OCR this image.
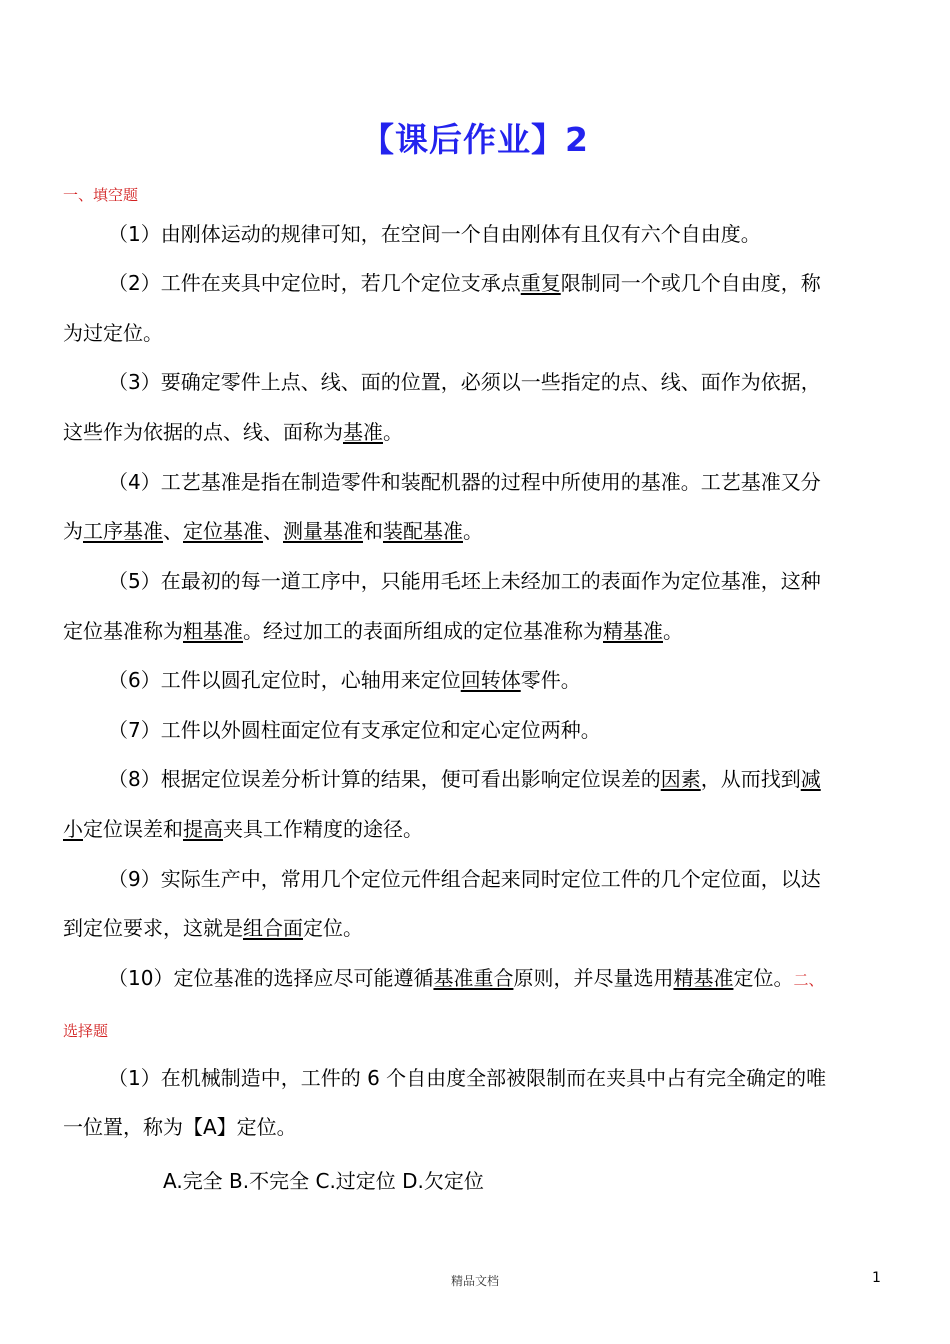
【课后作业】2
一、填空题
（1）由刚体运动的规律可知，在空间一个自由刚体有且仅有六个自由度。
（2）工件在夹具中定位时，若几个定位支承点重复限制同一个或几个自由度，称
为过定位。
（3）要确定零件上点、线、面的位置，必须以一些指定的点、线、面作为依据，
这些作为依据的点、线、面称为基准。
（4）工艺基准是指在制造零件和装配机器的过程中所使用的基准。工艺基准又分
为工序基准、定位基准、测量基准和装配基准。
（5）在最初的每一道工序中，只能用毛坯上未经加工的表面作为定位基准，这种
定位基准称为粗基准。经过加工的表面所组成的定位基准称为精基准。
（6）工件以圆孔定位时，心轴用来定位回转体零件。
（7）工件以外圆柱面定位有支承定位和定心定位两种。
（8）根据定位误差分析计算的结果，便可看出影响定位误差的因素，从而找到减
小定位误差和提高夹具工作精度的途径。
（9）实际生产中，常用几个定位元件组合起来同时定位工件的几个定位面，以达
到定位要求，这就是组合面定位。
（10）定位基准的选择应尽可能遵循基准重合原则，并尽量选用精基准定位。二、
选择题
（1）在机械制造中，工件的 6 个自由度全部被限制而在夹具中占有完全确定的唯
一位置，称为【A】定位。
A.完全 B.不完全 C.过定位 D.欠定位
精品文档	1
